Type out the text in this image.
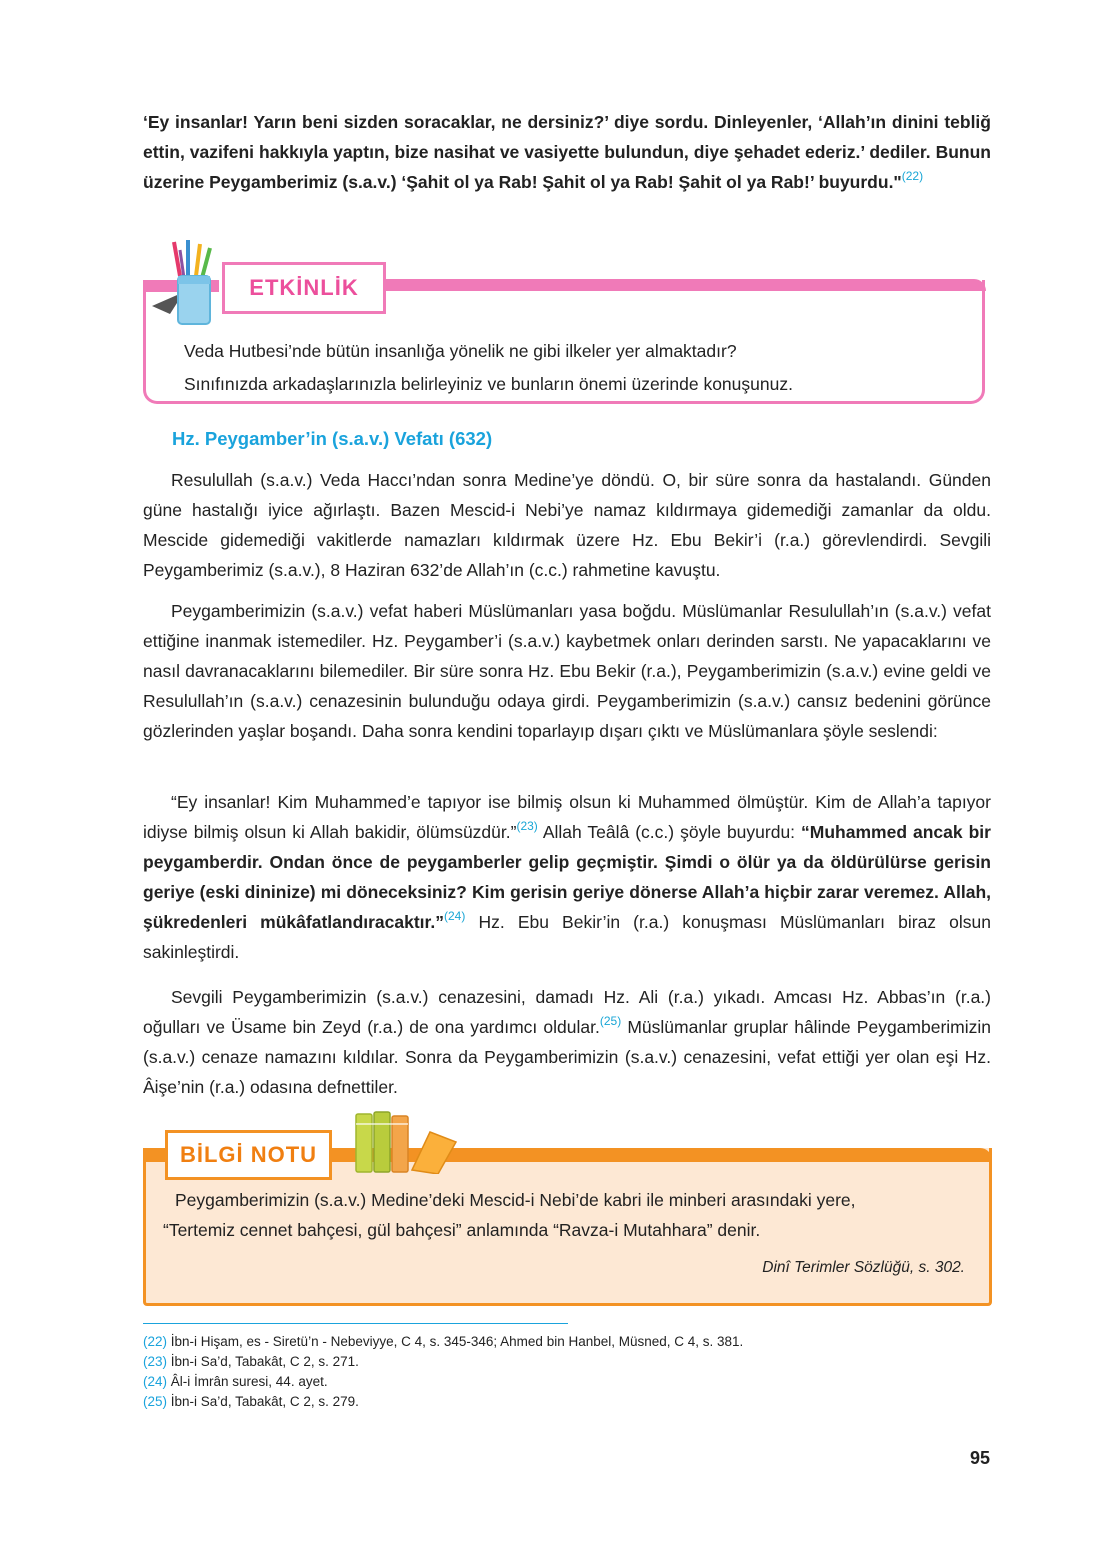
‘Ey insanlar! Yarın beni sizden soracaklar, ne dersiniz?’ diye sordu. Dinleyenler, ‘Allah’ın dinini tebliğ ettin, vazifeni hakkıyla yaptın, bize nasihat ve vasiyette bulundun, diye şehadet ederiz.’ dediler. Bunun üzerine Peygamberimiz (s.a.v.) ‘Şahit ol ya Rab! Şahit ol ya Rab! Şahit ol ya Rab!’ buyurdu."$^{(22)}$
ETKİNLİK
Veda Hutbesi’nde bütün insanlığa yönelik ne gibi ilkeler yer almaktadır?
Sınıfınızda arkadaşlarınızla belirleyiniz ve bunların önemi üzerinde konuşunuz.
Hz. Peygamber’in (s.a.v.) Vefatı (632)

Resulullah (s.a.v.) Veda Haccı’ndan sonra Medine’ye döndü. O, bir süre sonra da hastalandı. Günden güne hastalığı iyice ağırlaştı. Bazen Mescid-i Nebi’ye namaz kıldırmaya gidemediği zamanlar da oldu. Mescide gidemediği vakitlerde namazları kıldırmak üzere Hz. Ebu Bekir’i (r.a.) görevlendirdi. Sevgili Peygamberimiz (s.a.v.), 8 Haziran 632’de Allah’ın (c.c.) rahmetine kavuştu.

Peygamberimizin (s.a.v.) vefat haberi Müslümanları yasa boğdu. Müslümanlar Resulullah’ın (s.a.v.) vefat ettiğine inanmak istemediler. Hz. Peygamber’i (s.a.v.) kaybetmek onları derinden sarstı. Ne yapacaklarını ve nasıl davranacaklarını bilemediler. Bir süre sonra Hz. Ebu Bekir (r.a.), Peygamberimizin (s.a.v.) evine geldi ve Resulullah’ın (s.a.v.) cenazesinin bulunduğu odaya girdi. Peygamberimizin (s.a.v.) cansız bedenini görünce gözlerinden yaşlar boşandı. Daha sonra kendini toparlayıp dışarı çıktı ve Müslümanlara şöyle seslendi:

“Ey insanlar! Kim Muhammed’e tapıyor ise bilmiş olsun ki Muhammed ölmüştür. Kim de Allah’a tapıyor idiyse bilmiş olsun ki Allah bakidir, ölümsüzdür.”$^{(23)}$ Allah Teâlâ (c.c.) şöyle buyurdu: “Muhammed ancak bir peygamberdir. Ondan önce de peygamberler gelip geçmiştir. Şimdi o ölür ya da öldürülürse gerisin geriye (eski dininize) mi döneceksiniz? Kim gerisin geriye dönerse Allah’a hiçbir zarar veremez. Allah, şükredenleri mükâfatlandıracaktır.”$^{(24)}$ Hz. Ebu Bekir’in (r.a.) konuşması Müslümanları biraz olsun sakinleştirdi.

Sevgili Peygamberimizin (s.a.v.) cenazesini, damadı Hz. Ali (r.a.) yıkadı. Amcası Hz. Abbas’ın (r.a.) oğulları ve Üsame bin Zeyd (r.a.) de ona yardımcı oldular.$^{(25)}$ Müslümanlar gruplar hâlinde Peygamberimizin (s.a.v.) cenaze namazını kıldılar. Sonra da Peygamberimizin (s.a.v.) cenazesini, vefat ettiği yer olan eşi Hz. Âişe’nin (r.a.) odasına defnettiler.

BİLGİ NOTU
Peygamberimizin (s.a.v.) Medine’deki Mescid-i Nebi’de kabri ile minberi arasındaki yere,
“Tertemiz cennet bahçesi, gül bahçesi” anlamında “Ravza-i Mutahhara” denir.
Dinî Terimler Sözlüğü, s. 302.
(22) İbn-i Hişam, es - Siretü’n - Nebeviyye, C 4, s. 345-346; Ahmed bin Hanbel, Müsned, C 4, s. 381.
(23) İbn-i Sa’d, Tabakât, C 2, s. 271.
(24) Âl-i İmrân suresi, 44. ayet.
(25) İbn-i Sa’d, Tabakât, C 2, s. 279.
95
